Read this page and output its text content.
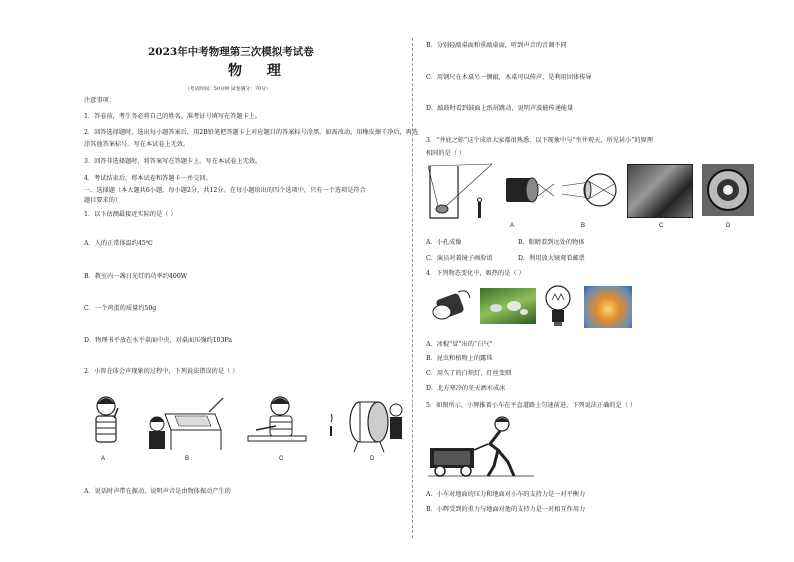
2023年中考物理第三次模拟考试卷
物 理
（考试时间：50分钟 试卷满分：70分）
注意事项：
1．答卷前，考生务必将自己的姓名、准考证号填写在答题卡上。
2．回答选择题时，选出每小题答案后，用2B铅笔把答题卡上对应题目的答案标号涂黑。如需改动，用橡皮擦干净后，再选
涂其他答案标号。写在本试卷上无效。
3．回答非选择题时，将答案写在答题卡上。写在本试卷上无效。
4．考试结束后，将本试卷和答题卡一并交回。
一、选择题（本大题共6小题，每小题2分，共12分。在每小题给出的四个选项中，只有一个选项是符合
题目要求的）
1．以下估测最接近实际的是（ ）
A．人的正常体温约45℃
B．教室内一盏日光灯的功率约400W
C．一个鸡蛋的质量约50g
D．物理书平放在水平桌面中央，对桌面压强约103Pa
2．小智在体会声现象的过程中，下列说法错误的是（ ）
A	B	C	D
A．说话时声带在振动，说明声音是由物体振动产生的
B．分别轻敲桌面和重敲桌面，听到声音的音调不同
C．用钢尺在木桌另一侧敲，木桌可以传声，是利用固体传导
D．敲鼓时看到鼓面上纸屑跳动，说明声波能传递能量
3．“井底之蛙”这个成语大家都很熟悉，以下现象中与“坐井观天，所见甚小”的原理
相同的是（ ）
A	B	C	D
A．小孔成像	B．眼睛看到远处的物体
C．演员对着镜子画脸谱	D．利用放大镜观看邮票
4．下列物态变化中，吸热的是（ ）
A．冰棍“冒”出的“白气”
B．昆虫和植物上的露珠
C．用久了的白炽灯，灯丝变细
D．北方寒冷的冬天洒水成冰
5．如图所示，小辉推着小车在平直道路上匀速前进，下列说法正确的是（ ）
A．小车对地面的压力和地面对小车的支持力是一对平衡力
B．小辉受到的重力与地面对他的支持力是一对相互作用力
